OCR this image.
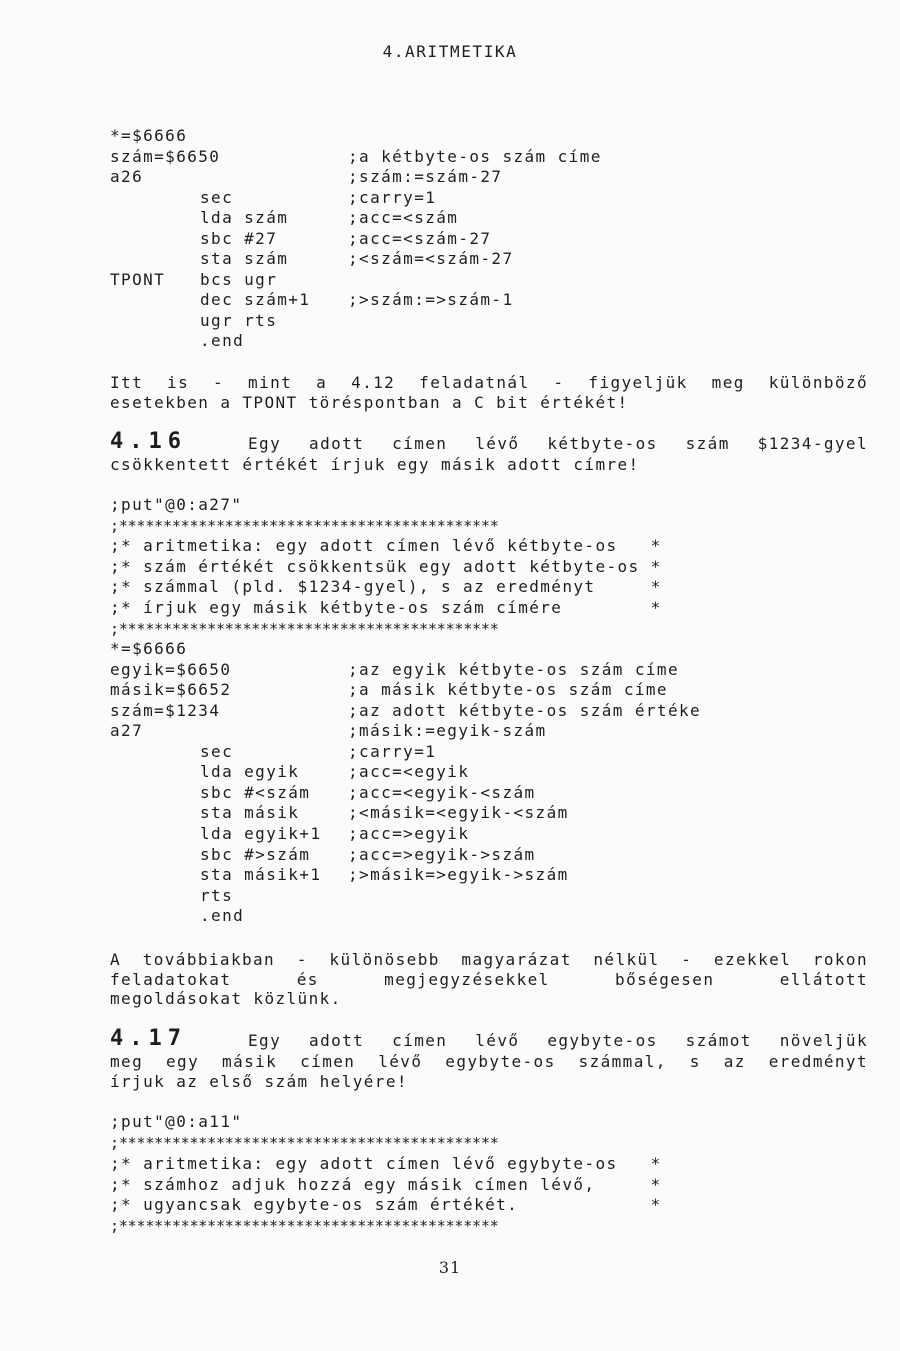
4.ARITMETIKA
*=$6666
szám=$6650	;a kétbyte-os szám címe
a26	;szám:=szám-27
sec	;carry=1
lda szám	;acc=<szám
sbc #27	;acc=<szám-27
sta szám	;<szám=<szám-27
TPONT bcs ugr
dec szám+1 ;>szám:=>szám-1
ugr rts
.end
Itt is - mint a 4.12 feladatnál - figyeljük meg különböző
esetekben a TPONT töréspontban a C bit értékét!
4.16	Egy adott címen lévő kétbyte-os szám $1234-gyel
csökkentett értékét írjuk egy másik adott címre!
;put"@0:a27"
;*******************************************
;* aritmetika: egy adott címen lévő kétbyte-os   *
;* szám értékét csökkentsük egy adott kétbyte-os *
;* számmal (pld. $1234-gyel), s az eredményt     *
;* írjuk egy másik kétbyte-os szám címére        *
;*******************************************
*=$6666
egyik=$6650	;az egyik kétbyte-os szám címe
másik=$6652	;a másik kétbyte-os szám címe
szám=$1234	;az adott kétbyte-os szám értéke
a27	;másik:=egyik-szám
sec	;carry=1
lda egyik	;acc=<egyik
sbc #<szám ;acc=<egyik-<szám
sta másik	;<másik=<egyik-<szám
lda egyik+1 ;acc=>egyik
sbc #>szám ;acc=>egyik->szám
sta másik+1 ;>másik=>egyik->szám
rts
.end
A továbbiakban - különösebb magyarázat nélkül - ezekkel rokon
feladatokat és megjegyzésekkel bőségesen ellátott
megoldásokat közlünk.
4.17	Egy adott címen lévő egybyte-os számot növeljük
meg egy másik címen lévő egybyte-os számmal, s az eredményt
írjuk az első szám helyére!
;put"@0:a11"
;*******************************************
;* aritmetika: egy adott címen lévő egybyte-os   *
;* számhoz adjuk hozzá egy másik címen lévő,     *
;* ugyancsak egybyte-os szám értékét.            *
;*******************************************
31
